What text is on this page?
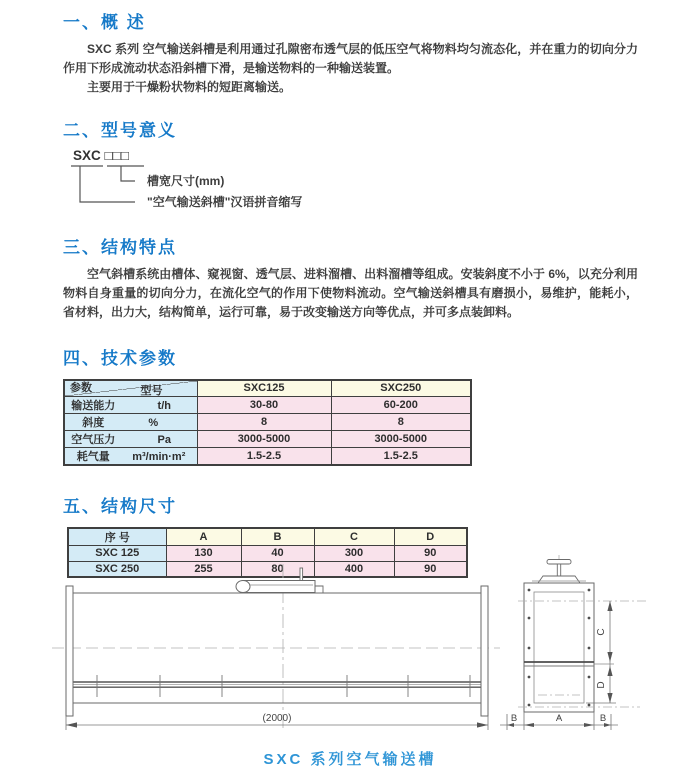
一、概 述

SXC 系列 空气输送斜槽是利用通过孔隙密布透气层的低压空气将物料均匀流态化，并在重力的切向分力作用下形成流动状态沿斜槽下滑，是输送物料的一种输送装置。

主要用于干燥粉状物料的短距离输送。

二、型号意义
SXC □□□
槽宽尺寸(mm)
"空气输送斜槽"汉语拼音缩写
三、结构特点

空气斜槽系统由槽体、窥视窗、透气层、进料溜槽、出料溜槽等组成。安装斜度不小于 6%，以充分利用物料自身重量的切向分力，在流化空气的作用下使物料流动。空气输送斜槽具有磨损小，易维护，能耗小，省材料，出力大，结构简单，运行可靠，易于改变输送方向等优点，并可多点装卸料。

四、技术参数
型号
参数	SXC125	SXC250
输送能力 t/h	30-80	60-200
斜度 %	8	8
空气压力 Pa	3000-5000	3000-5000
耗气量 m³/min·m²	1.5-2.5	1.5-2.5
五、结构尺寸
序 号	A	B	C	D
SXC 125	130	40	300	90
SXC 250	255	80	400	90
(2000)
C
D
B	A	B
SXC 系列空气输送槽
